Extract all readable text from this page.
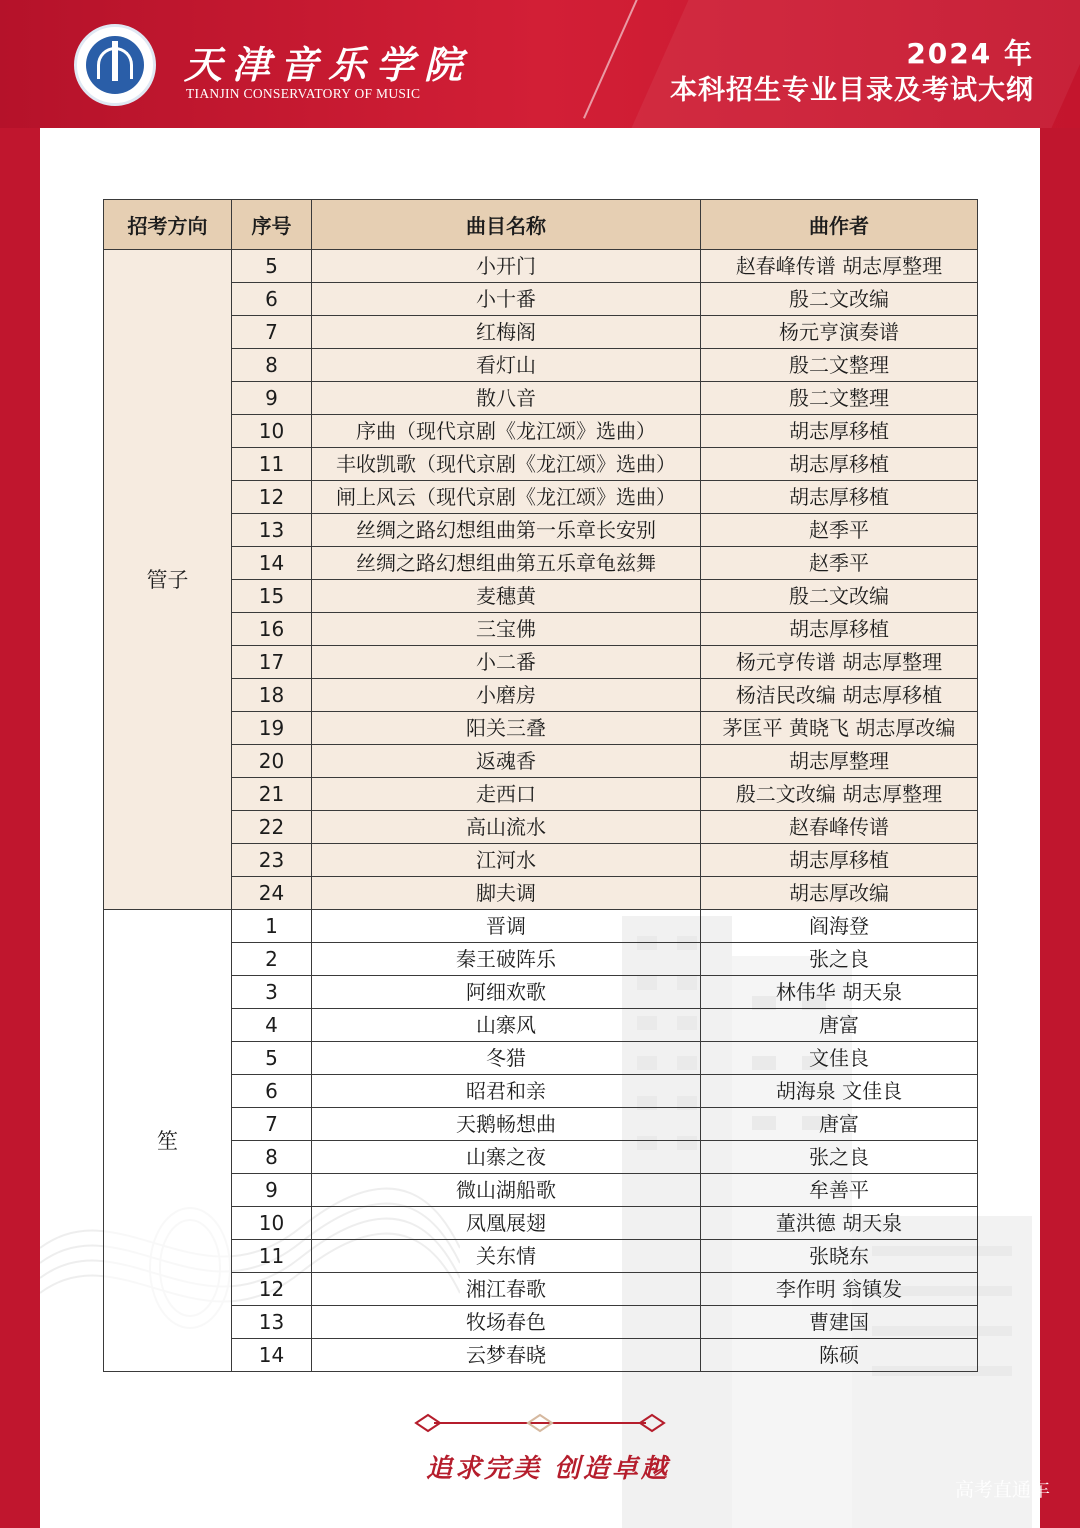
天津音乐学院
TIANJIN CONSERVATORY OF MUSIC
2024 年
本科招生专业目录及考试大纲
招考方向	序号	曲目名称	曲作者
管子	5	小开门	赵春峰传谱 胡志厚整理
	6	小十番	殷二文改编
	7	红梅阁	杨元亨演奏谱
	8	看灯山	殷二文整理
	9	散八音	殷二文整理
	10	序曲（现代京剧《龙江颂》选曲）	胡志厚移植
	11	丰收凯歌（现代京剧《龙江颂》选曲）	胡志厚移植
	12	闸上风云（现代京剧《龙江颂》选曲）	胡志厚移植
	13	丝绸之路幻想组曲第一乐章长安别	赵季平
	14	丝绸之路幻想组曲第五乐章龟兹舞	赵季平
	15	麦穗黄	殷二文改编
	16	三宝佛	胡志厚移植
	17	小二番	杨元亨传谱 胡志厚整理
	18	小磨房	杨洁民改编 胡志厚移植
	19	阳关三叠	茅匡平 黄晓飞 胡志厚改编
	20	返魂香	胡志厚整理
	21	走西口	殷二文改编 胡志厚整理
	22	高山流水	赵春峰传谱
	23	江河水	胡志厚移植
	24	脚夫调	胡志厚改编
笙	1	晋调	阎海登
	2	秦王破阵乐	张之良
	3	阿细欢歌	林伟华 胡天泉
	4	山寨风	唐富
	5	冬猎	文佳良
	6	昭君和亲	胡海泉 文佳良
	7	天鹅畅想曲	唐富
	8	山寨之夜	张之良
	9	微山湖船歌	牟善平
	10	凤凰展翅	董洪德 胡天泉
	11	关东情	张晓东
	12	湘江春歌	李作明 翁镇发
	13	牧场春色	曹建国
	14	云梦春晓	陈硕
追求完美 创造卓越
高考直通车
